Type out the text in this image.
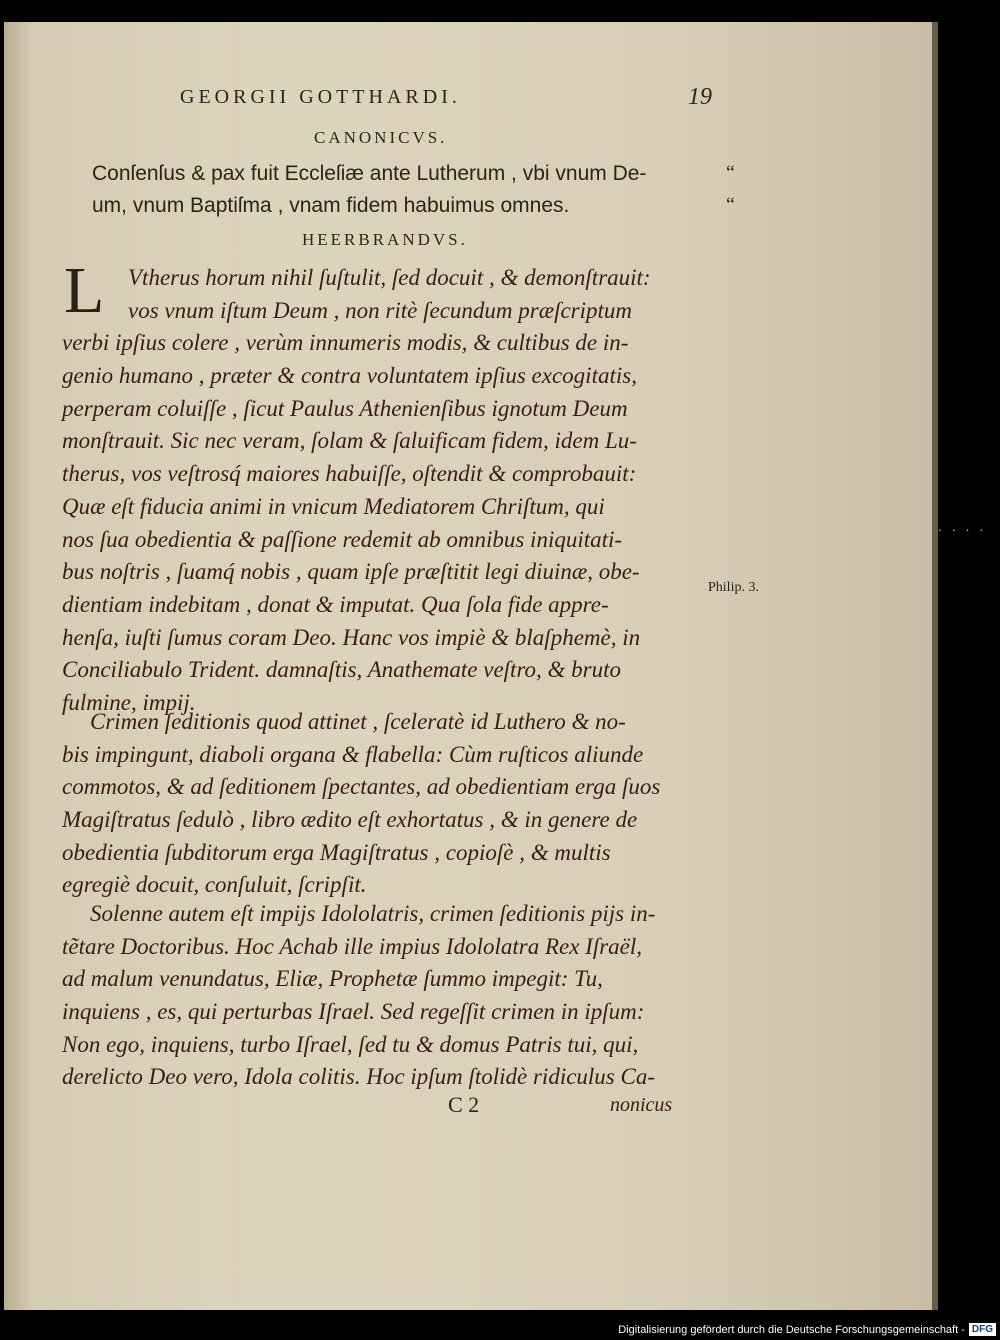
....
GEORGII GOTTHARDI.	19
CANONICVS.
Conſenſus & pax fuit Eccleſiæ ante Lutherum , vbi vnum De-
um, vnum Baptiſma , vnam fidem habuimus omnes.
“
“
HEERBRANDVS.
L	Vtherus horum nihil ſuſtulit, ſed docuit , & demonſtrauit:
vos vnum iſtum Deum , non ritè ſecundum præſcriptum
verbi ipſius colere , verùm innumeris modis, & cultibus de in-
genio humano , præter & contra voluntatem ipſius excogitatis,
perperam coluiſſe , ſicut Paulus Athenienſibus ignotum Deum
monſtrauit. Sic nec veram, ſolam & ſaluificam fidem, idem Lu-
therus, vos veſtrosq́ maiores habuiſſe, oſtendit & comprobauit:
Quæ eſt fiducia animi in vnicum Mediatorem Chriſtum, qui
nos ſua obedientia & paſſione redemit ab omnibus iniquitati-
bus noſtris , ſuamq́ nobis , quam ipſe præſtitit legi diuinæ, obe-
dientiam indebitam , donat & imputat. Qua ſola fide appre-
henſa, iuſti ſumus coram Deo. Hanc vos impiè & blaſphemè, in
Conciliabulo Trident. damnaſtis, Anathemate veſtro, & bruto
fulmine, impij.
Philip. 3.
Crimen ſeditionis quod attinet , ſceleratè id Luthero & no-
bis impingunt, diaboli organa & flabella: Cùm ruſticos aliunde
commotos, & ad ſeditionem ſpectantes, ad obedientiam erga ſuos
Magiſtratus ſedulò , libro ædito eſt exhortatus , & in genere de
obedientia ſubditorum erga Magiſtratus , copioſè , & multis
egregiè docuit, conſuluit, ſcripſit.
Solenne autem eſt impijs Idololatris, crimen ſeditionis pijs in-
tẽtare Doctoribus. Hoc Achab ille impius Idololatra Rex Iſraël,
ad malum venundatus, Eliæ, Prophetæ ſummo impegit: Tu,
inquiens , es, qui perturbas Iſrael. Sed regeſſit crimen in ipſum:
Non ego, inquiens, turbo Iſrael, ſed tu & domus Patris tui, qui,
derelicto Deo vero, Idola colitis. Hoc ipſum ſtolidè ridiculus Ca-
C 2	nonicus
Digitalisierung gefördert durch die Deutsche Forschungsgemeinschaft - DFG
